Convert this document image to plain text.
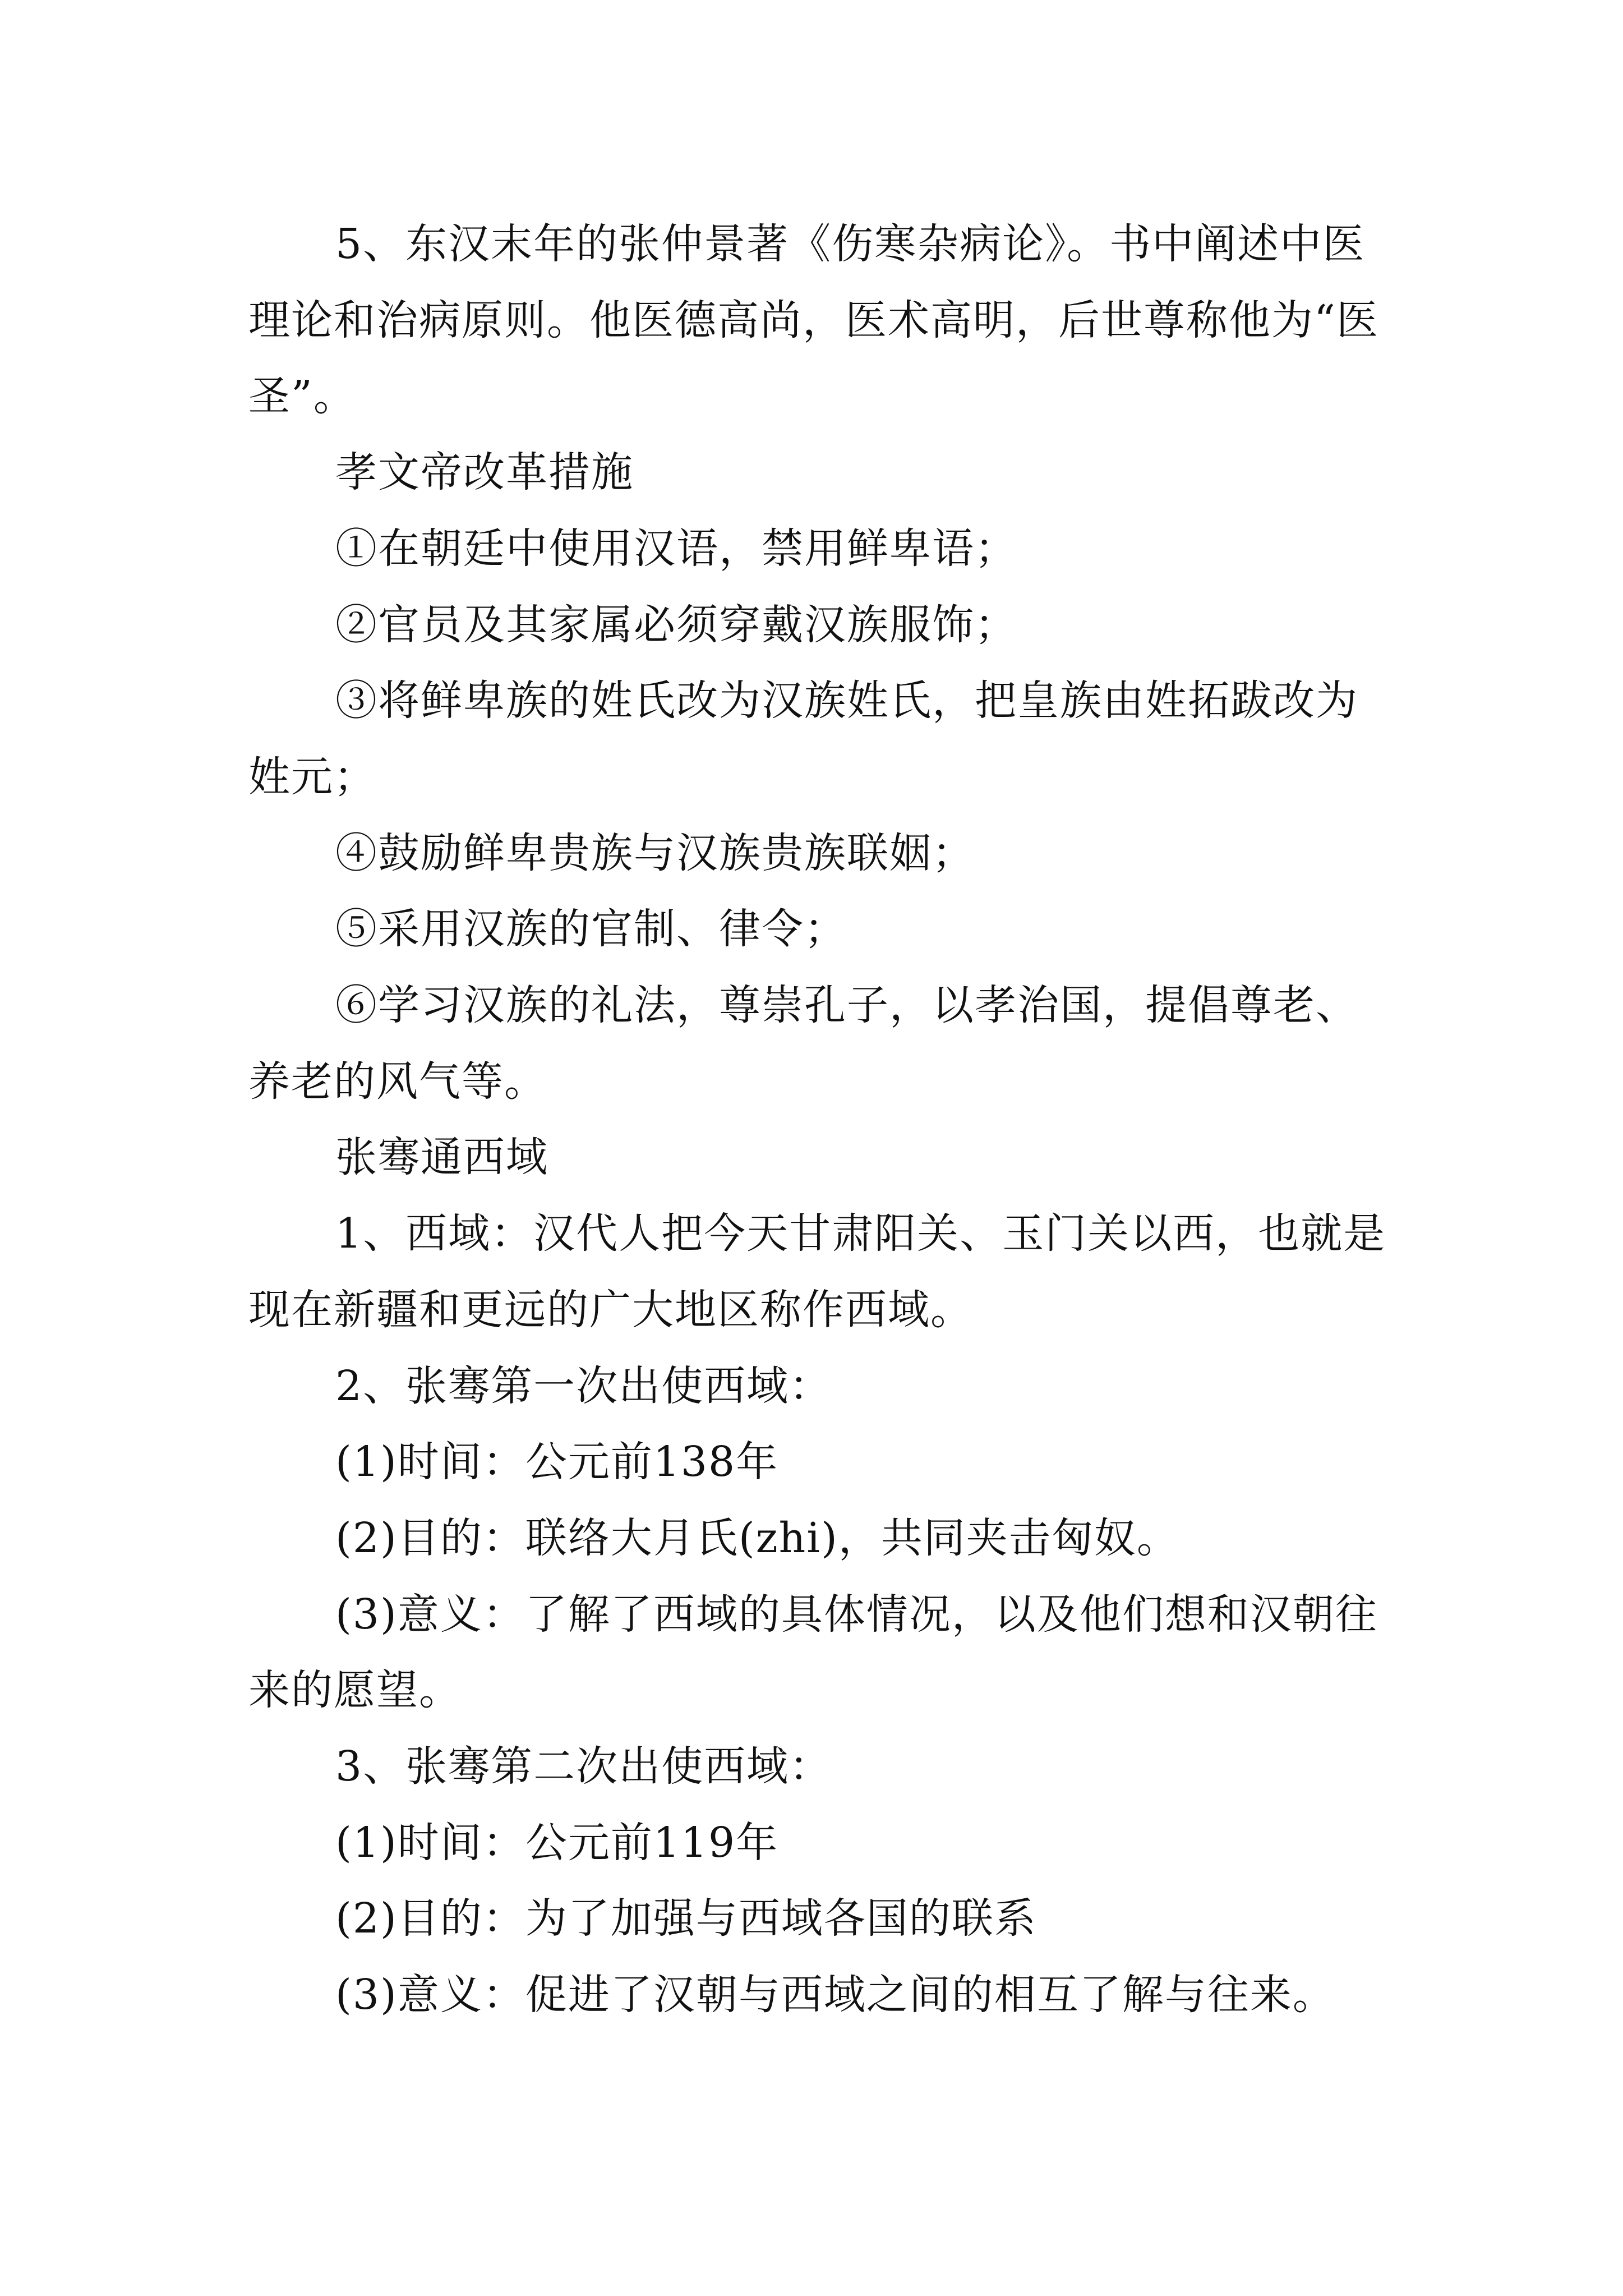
5、东汉末年的张仲景著《伤寒杂病论》。书中阐述中医理论和治病原则。他医德高尚，医术高明，后世尊称他为“医圣”。

孝文帝改革措施

①在朝廷中使用汉语，禁用鲜卑语；

②官员及其家属必须穿戴汉族服饰；

③将鲜卑族的姓氏改为汉族姓氏，把皇族由姓拓跋改为姓元；

④鼓励鲜卑贵族与汉族贵族联姻；

⑤采用汉族的官制、律令；

⑥学习汉族的礼法，尊崇孔子，以孝治国，提倡尊老、养老的风气等。

张骞通西域

1、西域：汉代人把今天甘肃阳关、玉门关以西，也就是现在新疆和更远的广大地区称作西域。

2、张骞第一次出使西域：

(1)时间：公元前138年

(2)目的：联络大月氏(zhi)，共同夹击匈奴。

(3)意义：了解了西域的具体情况，以及他们想和汉朝往来的愿望。

3、张骞第二次出使西域：

(1)时间：公元前119年

(2)目的：为了加强与西域各国的联系

(3)意义：促进了汉朝与西域之间的相互了解与往来。
